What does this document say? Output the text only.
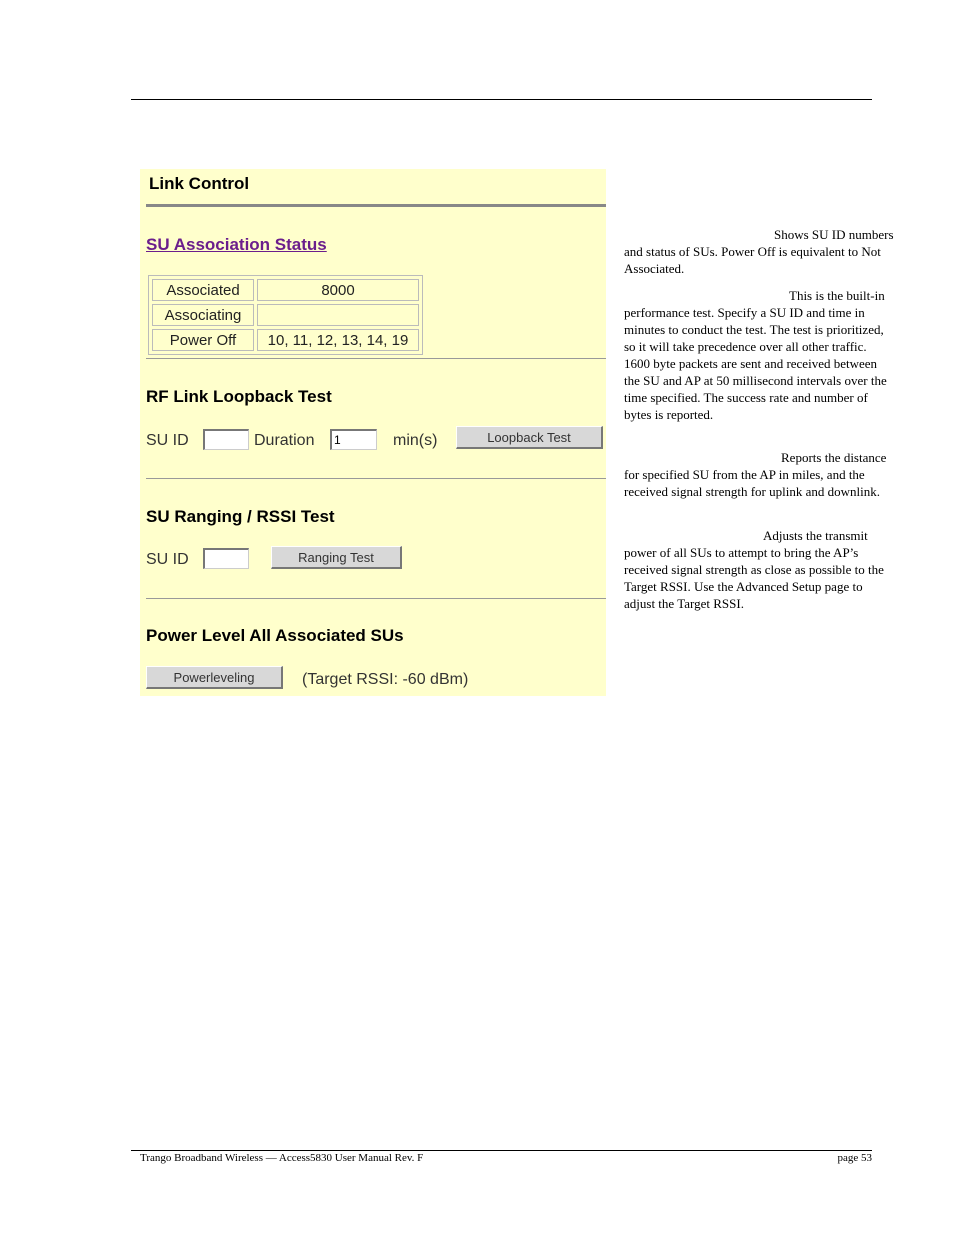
Link Control
SU Association Status
Associated	8000
Associating	
Power Off	10, 11, 12, 13, 14, 19
RF Link Loopback Test
SU ID	Duration
1	min(s)	Loopback Test
SU Ranging / RSSI Test
SU ID	Ranging Test
Power Level All Associated SUs
Powerleveling	(Target RSSI: -60 dBm)
Shows SU ID numbers and status of SUs. Power Off is equivalent to Not Associated.
This is the built-in performance test. Specify a SU ID and time in minutes to conduct the test. The test is prioritized, so it will take precedence over all other traffic. 1600 byte packets are sent and received between the SU and AP at 50 millisecond intervals over the time specified. The success rate and number of bytes is reported.
Reports the distance for specified SU from the AP in miles, and the received signal strength for uplink and downlink.
Adjusts the transmit power of all SUs to attempt to bring the AP’s received signal strength as close as possible to the Target RSSI. Use the Advanced Setup page to adjust the Target RSSI.
Trango Broadband Wireless — Access5830 User Manual Rev. F	page 53
